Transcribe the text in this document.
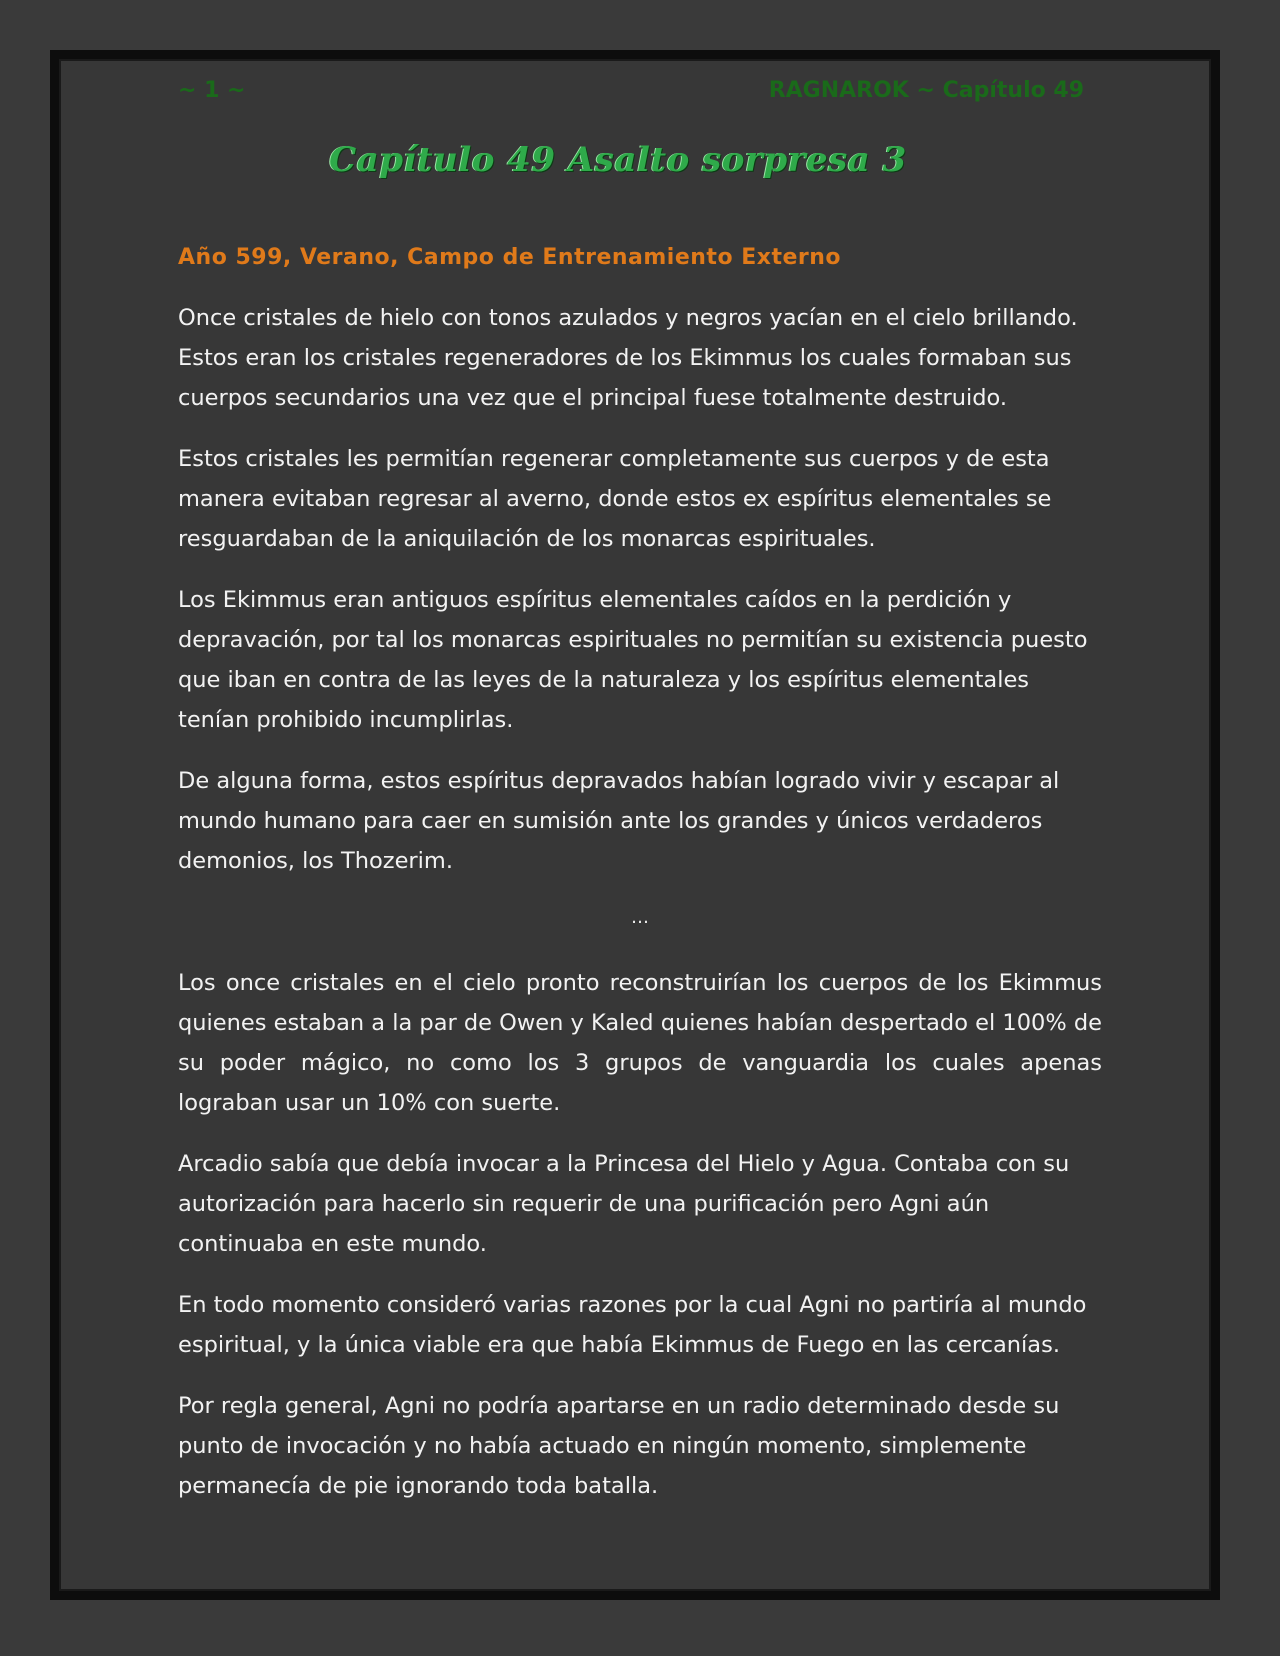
~ 1 ~	RAGNAROK ~ Capítulo 49
Capítulo 49 Asalto sorpresa 3
Año 599, Verano, Campo de Entrenamiento Externo

Once cristales de hielo con tonos azulados y negros yacían en el cielo brillando. Estos eran los cristales regeneradores de los Ekimmus los cuales formaban sus cuerpos secundarios una vez que el principal fuese totalmente destruido.

Estos cristales les permitían regenerar completamente sus cuerpos y de esta manera evitaban regresar al averno, donde estos ex espíritus elementales se resguardaban de la aniquilación de los monarcas espirituales.

Los Ekimmus eran antiguos espíritus elementales caídos en la perdición y depravación, por tal los monarcas espirituales no permitían su existencia puesto que iban en contra de las leyes de la naturaleza y los espíritus elementales tenían prohibido incumplirlas.

De alguna forma, estos espíritus depravados habían logrado vivir y escapar al mundo humano para caer en sumisión ante los grandes y únicos verdaderos demonios, los Thozerim.

…

Los once cristales en el cielo pronto reconstruirían los cuerpos de los Ekimmus quienes estaban a la par de Owen y Kaled quienes habían despertado el 100% de su poder mágico, no como los 3 grupos de vanguardia los cuales apenas lograban usar un 10% con suerte.

Arcadio sabía que debía invocar a la Princesa del Hielo y Agua. Contaba con su autorización para hacerlo sin requerir de una purificación pero Agni aún continuaba en este mundo.

En todo momento consideró varias razones por la cual Agni no partiría al mundo espiritual, y la única viable era que había Ekimmus de Fuego en las cercanías.

Por regla general, Agni no podría apartarse en un radio determinado desde su punto de invocación y no había actuado en ningún momento, simplemente permanecía de pie ignorando toda batalla.
